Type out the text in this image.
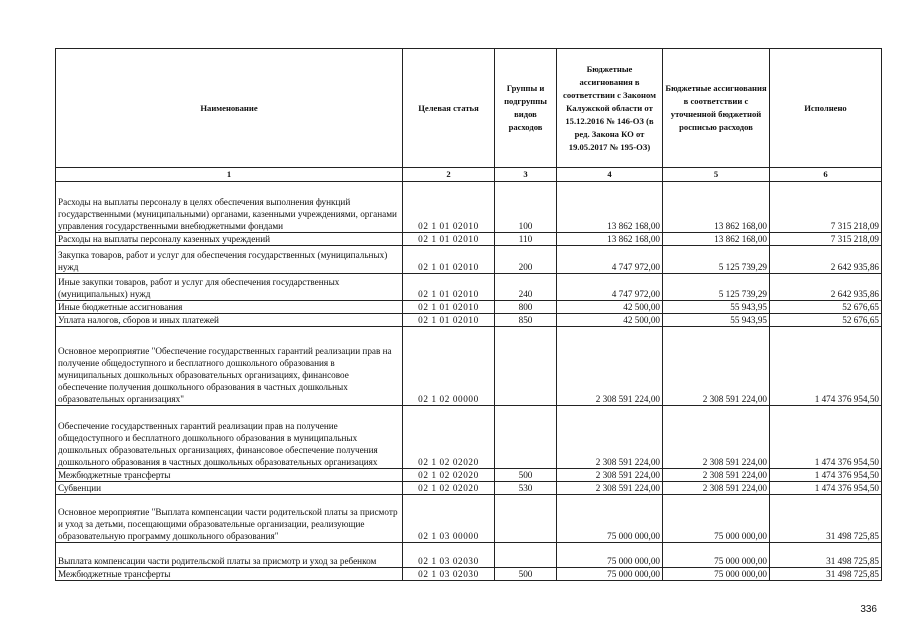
Наименование	Целевая статья	Группы и подгруппы видов расходов	Бюджетные ассигнования в соответствии с Законом Калужской области от 15.12.2016 № 146-ОЗ (в ред. Закона КО от 19.05.2017 № 195-ОЗ)	Бюджетные ассигнования в соответствии с уточненной бюджетной росписью расходов	Исполнено
1	2	3	4	5	6
Расходы на выплаты персоналу в целях обеспечения выполнения функций государственными (муниципальными) органами, казенными учреждениями, органами управления государственными внебюджетными фондами	02 1 01 02010	100	13 862 168,00	13 862 168,00	7 315 218,09
Расходы на выплаты персоналу казенных учреждений	02 1 01 02010	110	13 862 168,00	13 862 168,00	7 315 218,09
Закупка товаров, работ и услуг для обеспечения государственных (муниципальных) нужд	02 1 01 02010	200	4 747 972,00	5 125 739,29	2 642 935,86
Иные закупки товаров, работ и услуг для обеспечения государственных (муниципальных) нужд	02 1 01 02010	240	4 747 972,00	5 125 739,29	2 642 935,86
Иные бюджетные ассигнования	02 1 01 02010	800	42 500,00	55 943,95	52 676,65
Уплата налогов, сборов и иных платежей	02 1 01 02010	850	42 500,00	55 943,95	52 676,65
Основное мероприятие "Обеспечение государственных гарантий реализации прав на получение общедоступного и бесплатного дошкольного образования в муниципальных дошкольных образовательных организациях, финансовое обеспечение получения дошкольного образования в частных дошкольных образовательных организациях"	02 1 02 00000		2 308 591 224,00	2 308 591 224,00	1 474 376 954,50
Обеспечение государственных гарантий реализации прав на получение общедоступного и бесплатного дошкольного образования в муниципальных дошкольных образовательных организациях, финансовое обеспечение получения дошкольного образования в частных дошкольных образовательных организациях	02 1 02 02020		2 308 591 224,00	2 308 591 224,00	1 474 376 954,50
Межбюджетные трансферты	02 1 02 02020	500	2 308 591 224,00	2 308 591 224,00	1 474 376 954,50
Субвенции	02 1 02 02020	530	2 308 591 224,00	2 308 591 224,00	1 474 376 954,50
Основное мероприятие "Выплата компенсации части родительской платы за присмотр и уход за детьми, посещающими образовательные организации, реализующие образовательную программу дошкольного образования"	02 1 03 00000		75 000 000,00	75 000 000,00	31 498 725,85
Выплата компенсации части родительской платы за присмотр и уход за ребенком	02 1 03 02030		75 000 000,00	75 000 000,00	31 498 725,85
Межбюджетные трансферты	02 1 03 02030	500	75 000 000,00	75 000 000,00	31 498 725,85
336
